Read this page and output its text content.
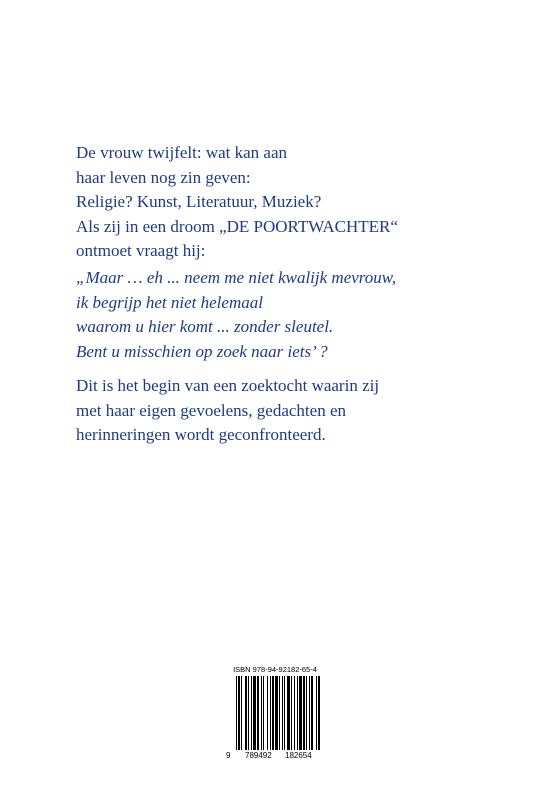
De vrouw twijfelt: wat kan aan
haar leven nog zin geven:
Religie? Kunst, Literatuur, Muziek?
Als zij in een droom „DE POORTWACHTER“
ontmoet vraagt hij:
„Maar … eh ... neem me niet kwalijk mevrouw,
ik begrijp het niet helemaal
waarom u hier komt ... zonder sleutel.
Bent u misschien op zoek naar iets’ ?
Dit is het begin van een zoektocht waarin zij
met haar eigen gevoelens, gedachten en
herinneringen wordt geconfronteerd.
ISBN 978-94-92182-65-4
9 789492 182654
